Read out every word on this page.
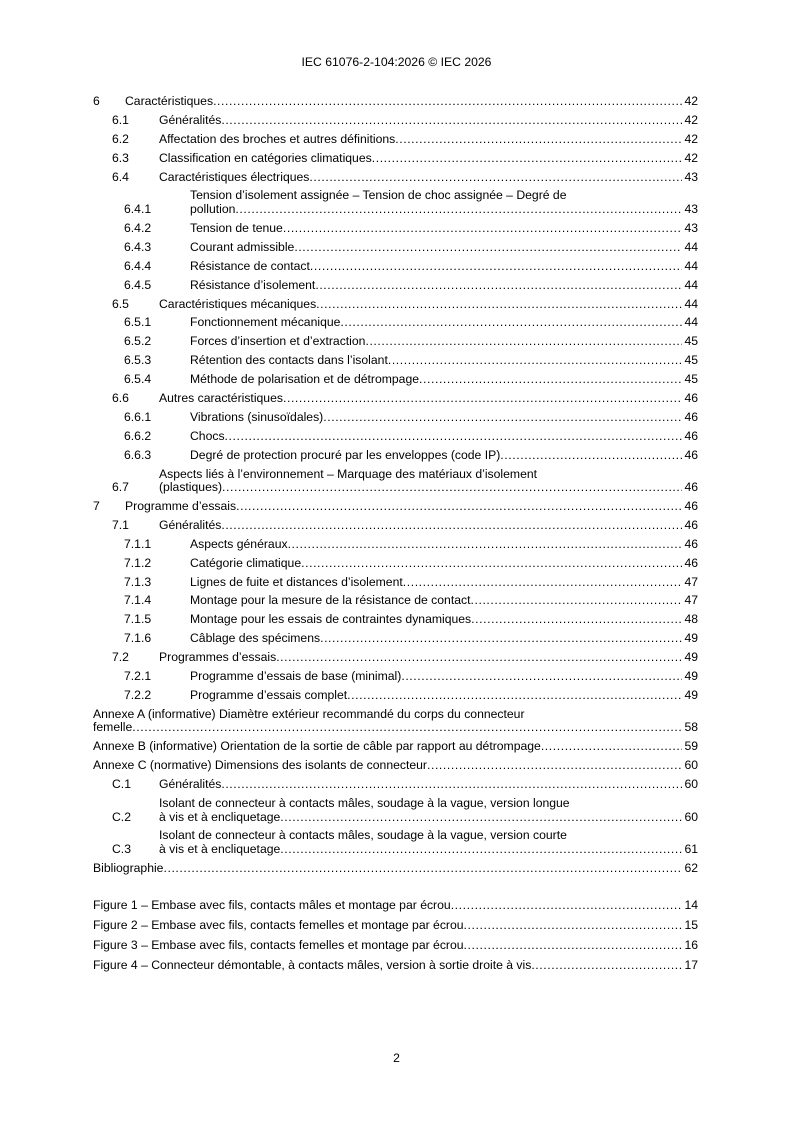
IEC 61076-2-104:2026 © IEC 2026
6	Caractéristiques .....	42
6.1	Généralités .....	42
6.2	Affectation des broches et autres définitions .....	42
6.3	Classification en catégories climatiques .....	42
6.4	Caractéristiques électriques .....	43
6.4.1
Tension d’isolement assignée – Tension de choc assignée – Degré de
pollution .....	43
6.4.2	Tension de tenue .....	43
6.4.3	Courant admissible .....	44
6.4.4	Résistance de contact .....	44
6.4.5	Résistance d’isolement .....	44
6.5	Caractéristiques mécaniques .....	44
6.5.1	Fonctionnement mécanique .....	44
6.5.2	Forces d’insertion et d’extraction .....	45
6.5.3	Rétention des contacts dans l’isolant .....	45
6.5.4	Méthode de polarisation et de détrompage .....	45
6.6	Autres caractéristiques .....	46
6.6.1	Vibrations (sinusoïdales) .....	46
6.6.2	Chocs .....	46
6.6.3	Degré de protection procuré par les enveloppes (code IP) .....	46
6.7
Aspects liés à l’environnement – Marquage des matériaux d’isolement
(plastiques) .....	46
7	Programme d’essais .....	46
7.1	Généralités .....	46
7.1.1	Aspects généraux .....	46
7.1.2	Catégorie climatique .....	46
7.1.3	Lignes de fuite et distances d’isolement .....	47
7.1.4	Montage pour la mesure de la résistance de contact .....	47
7.1.5	Montage pour les essais de contraintes dynamiques .....	48
7.1.6	Câblage des spécimens .....	49
7.2	Programmes d’essais .....	49
7.2.1	Programme d’essais de base (minimal) .....	49
7.2.2	Programme d’essais complet .....	49
Annexe A (informative) Diamètre extérieur recommandé du corps du connecteur
femelle .....	58
Annexe B (informative) Orientation de la sortie de câble par rapport au détrompage .....	59
Annexe C (normative) Dimensions des isolants de connecteur .....	60
C.1	Généralités .....	60
C.2
Isolant de connecteur à contacts mâles, soudage à la vague, version longue
à vis et à encliquetage .....	60
C.3
Isolant de connecteur à contacts mâles, soudage à la vague, version courte
à vis et à encliquetage .....	61
Bibliographie .....	62
Figure 1 – Embase avec fils, contacts mâles et montage par écrou .....	14
Figure 2 – Embase avec fils, contacts femelles et montage par écrou .....	15
Figure 3 – Embase avec fils, contacts femelles et montage par écrou .....	16
Figure 4 – Connecteur démontable, à contacts mâles, version à sortie droite à vis .....	17
2
